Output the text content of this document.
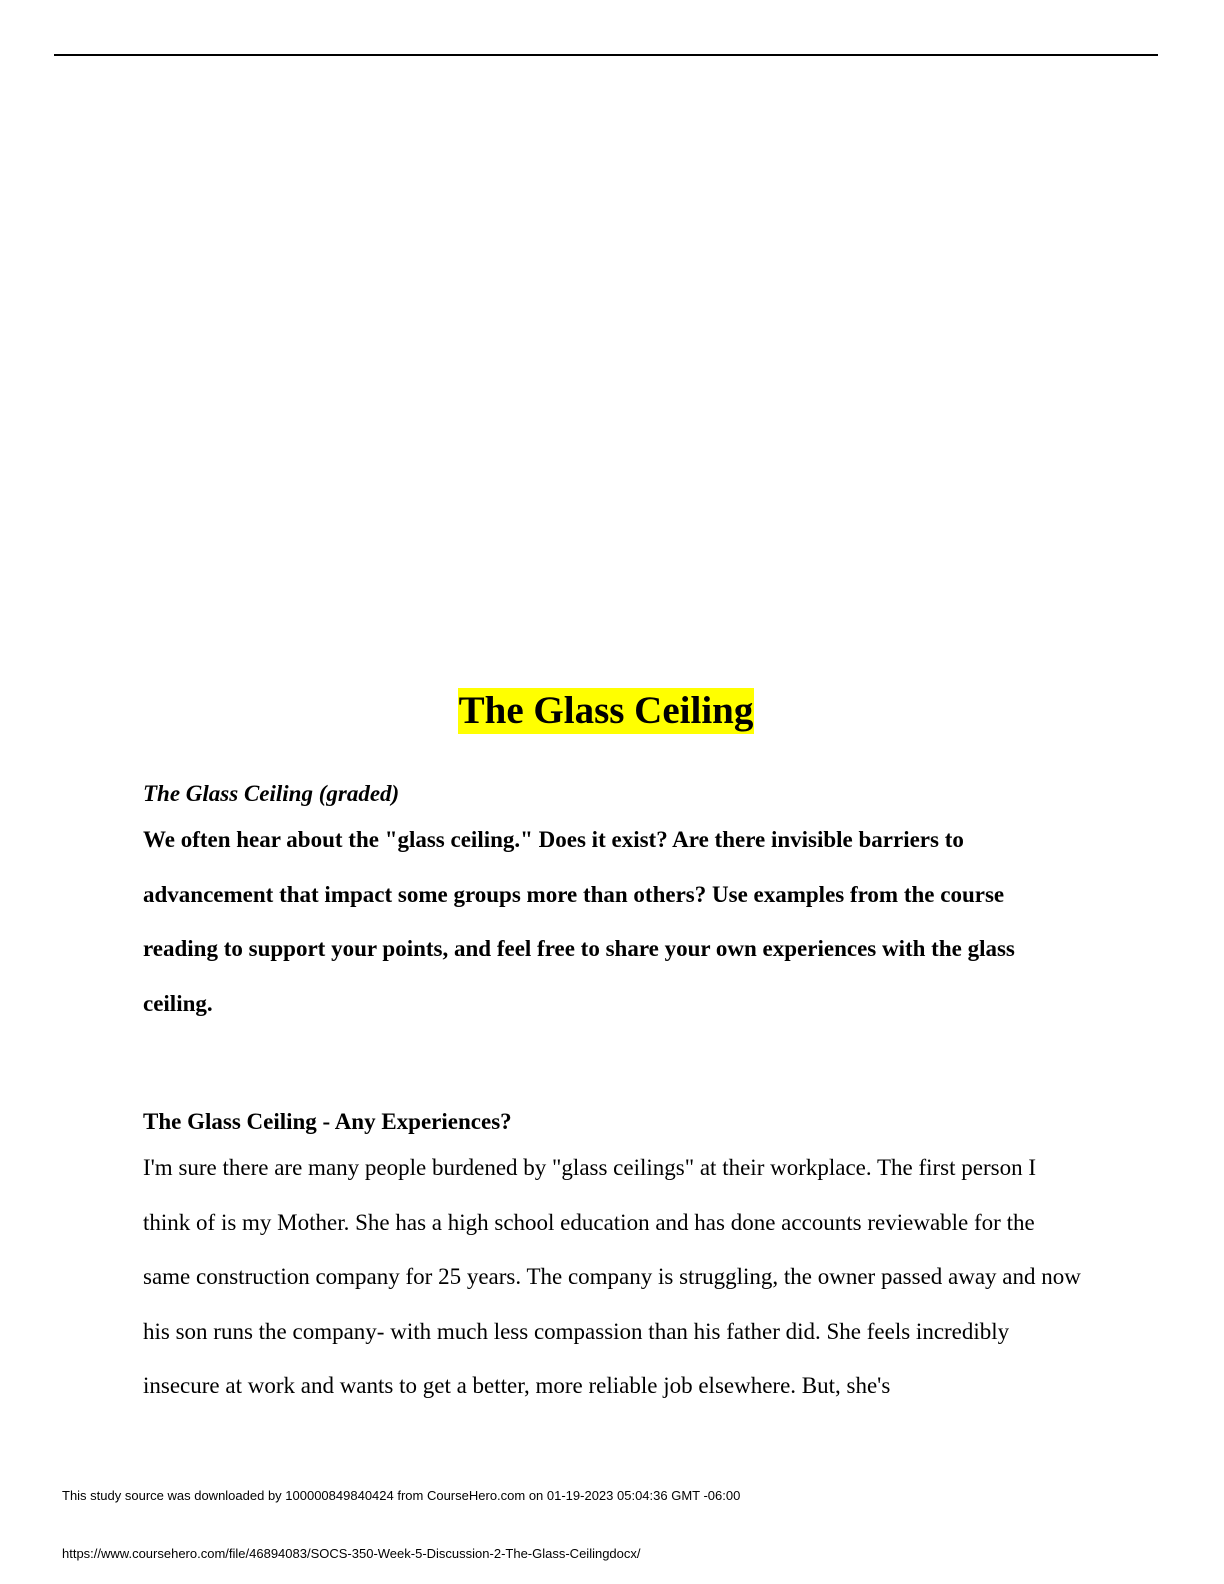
The Glass Ceiling

The Glass Ceiling (graded)

We often hear about the "glass ceiling." Does it exist? Are there invisible barriers to advancement that impact some groups more than others? Use examples from the course reading to support your points, and feel free to share your own experiences with the glass ceiling.

The Glass Ceiling - Any Experiences?

I'm sure there are many people burdened by "glass ceilings" at their workplace. The first person I think of is my Mother. She has a high school education and has done accounts reviewable for the same construction company for 25 years. The company is struggling, the owner passed away and now his son runs the company- with much less compassion than his father did. She feels incredibly insecure at work and wants to get a better, more reliable job elsewhere. But, she's

This study source was downloaded by 100000849840424 from CourseHero.com on 01-19-2023 05:04:36 GMT -06:00
https://www.coursehero.com/file/46894083/SOCS-350-Week-5-Discussion-2-The-Glass-Ceilingdocx/
